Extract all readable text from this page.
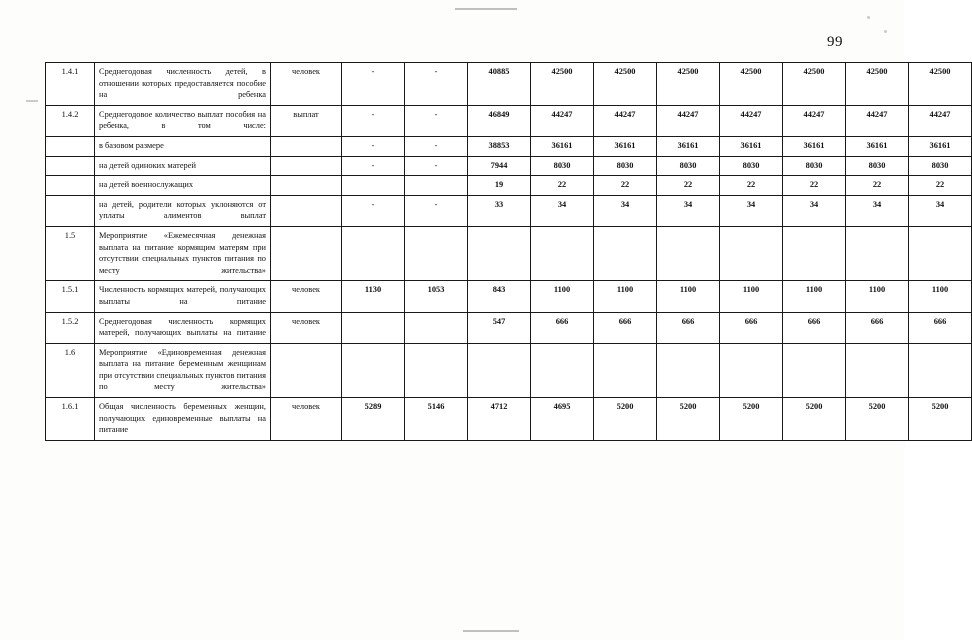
99
1.4.1	Среднегодовая численность детей, в отношении которых предоставляется пособие на ребенка	человек	-	-	40885	42500	42500	42500	42500	42500	42500	42500
1.4.2	Среднегодовое количество выплат пособия на ребенка, в том числе:	выплат	-	-	46849	44247	44247	44247	44247	44247	44247	44247
	в базовом размере		-	-	38853	36161	36161	36161	36161	36161	36161	36161
	на детей одиноких матерей		-	-	7944	8030	8030	8030	8030	8030	8030	8030
	на детей военнослужащих				19	22	22	22	22	22	22	22
	на детей, родители которых уклоняются от уплаты алиментов выплат		-	-	33	34	34	34	34	34	34	34
1.5	Мероприятие «Ежемесячная денежная выплата на питание кормящим матерям при отсутствии специальных пунктов питания по месту жительства»											
1.5.1	Численность кормящих матерей, получающих выплаты на питание	человек	1130	1053	843	1100	1100	1100	1100	1100	1100	1100
1.5.2	Среднегодовая численность кормящих матерей, получающих выплаты на питание	человек			547	666	666	666	666	666	666	666
1.6	Мероприятие «Единовременная денежная выплата на питание беременным женщинам при отсутствии специальных пунктов питания по месту жительства»											
1.6.1	Общая численность беременных женщин, получающих единовременные выплаты на питание	человек	5289	5146	4712	4695	5200	5200	5200	5200	5200	5200
